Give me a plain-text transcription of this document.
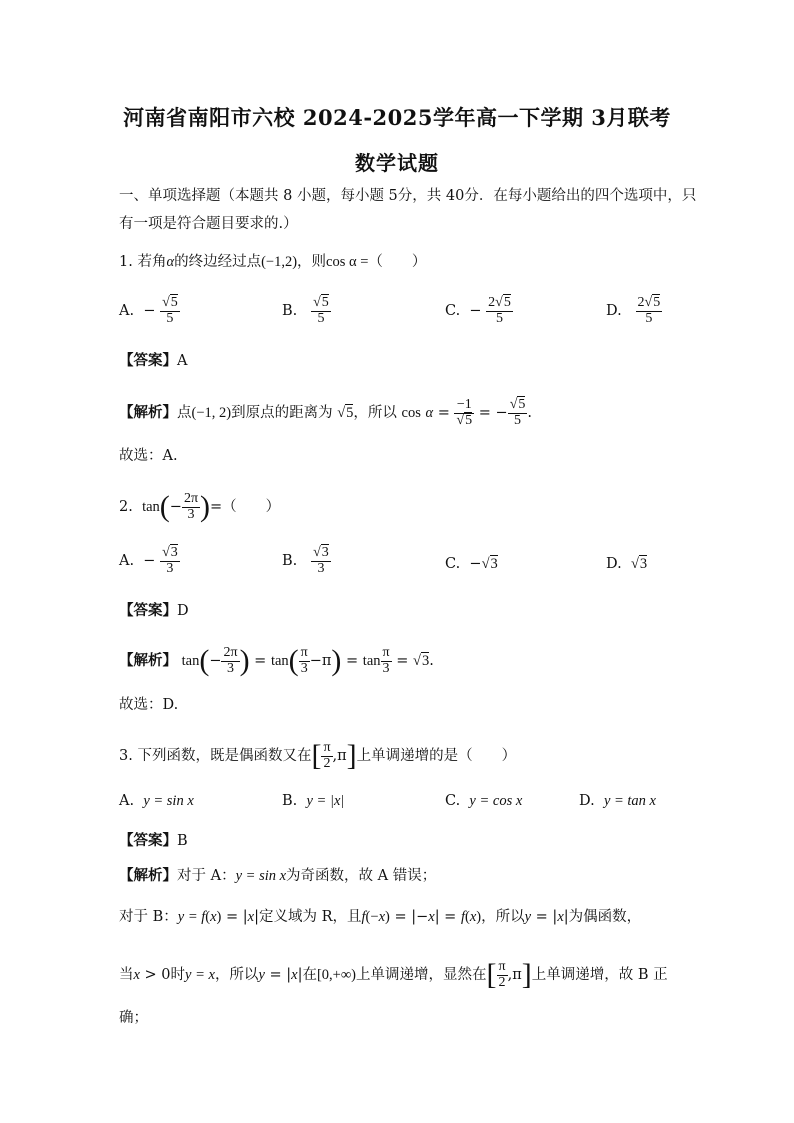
河南省南阳市六校 2024-2025学年高一下学期 3月联考
数学试题
一、单项选择题（本题共 8 小题，每小题 5分，共 40分．在每小题给出的四个选项中，只
有一项是符合题目要求的.）
1. 若角α的终边经过点(−1,2)，则cos α =（　　）
A. − $\frac{√5}{5}$	B. $\frac{√5}{5}$	C. − $\frac{2√5}{5}$	D. $\frac{2√5}{5}$
【答案】A
【解析】点(−1, 2)到原点的距离为 √5，所以 $\cos \alpha = \frac{-1}{√5}$ = − $\frac{√5}{5}$ .
故选：A.
2. $\tan(- \frac{2\pi}{3}$ )=（　　）
A.  − $\frac{√3}{3}$	B. $\frac{√3}{3}$	C.  −√3	D. √3
【答案】D
【解析】 $\tan(- \frac{2\pi}{3}$ ) = $\tan( \frac{\pi}{3} -\pi) = \tan \frac{\pi}{3} = √3$.
故选：D.
3. 下列函数，既是偶函数又在[ $\frac{\pi}{2} ,\pi$]上单调递增的是（　　）
A. y = sin x	B. y = |x|	C. y = cos x	D. y = tan x
【答案】B
【解析】对于 A：y = sin x为奇函数，故 A 错误；
对于 B：y = f(x) = |x|定义域为 R，且f(−x) = |−x| = f(x)，所以y = |x|为偶函数，
当x > 0时y = x，所以y = |x|在[0,+∞)上单调递增，显然在[ $\frac{\pi}{2} ,\pi$]上单调递增，故 B 正
确；
